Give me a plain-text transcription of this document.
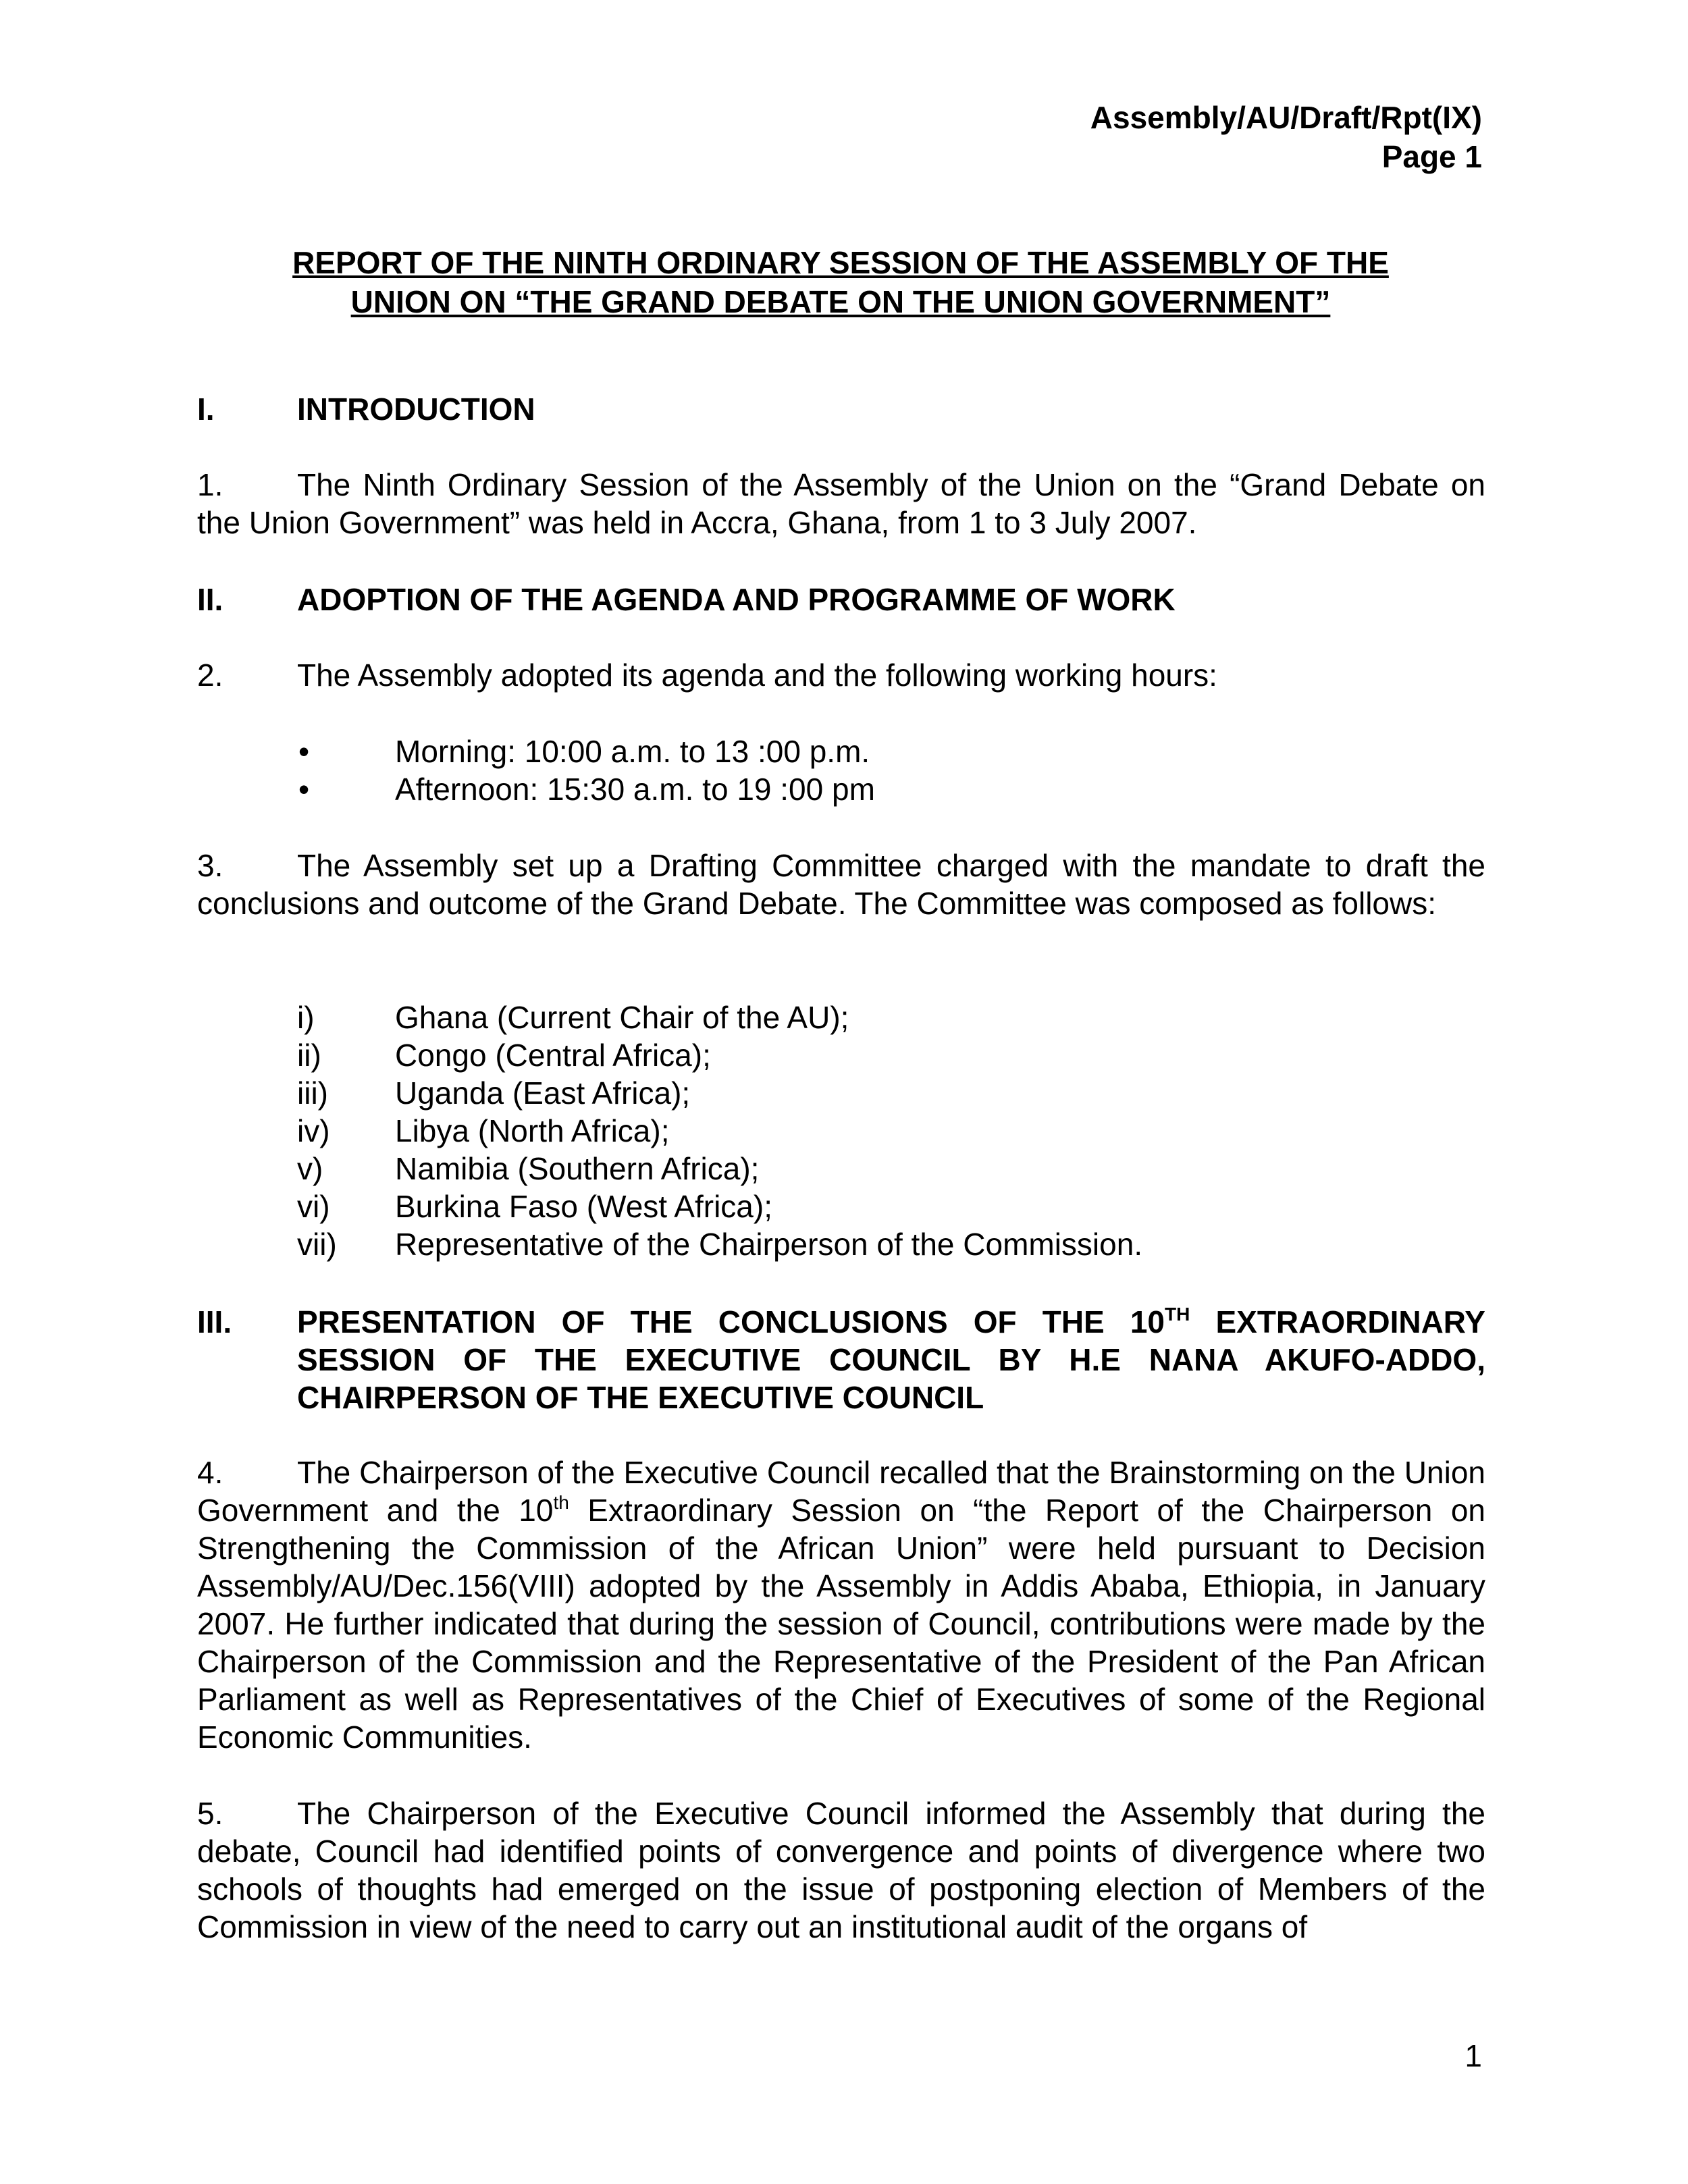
Assembly/AU/Draft/Rpt(IX)
Page 1
REPORT OF THE NINTH ORDINARY SESSION OF THE ASSEMBLY OF THE
UNION ON “THE GRAND DEBATE ON THE UNION GOVERNMENT”
I.	INTRODUCTION
1. The Ninth Ordinary Session of the Assembly of the Union on the “Grand Debate on the Union Government” was held in Accra, Ghana, from 1 to 3 July 2007.
II. ADOPTION OF THE AGENDA AND PROGRAMME OF WORK
2. The Assembly adopted its agenda and the following working hours:
•	Morning: 10:00 a.m. to 13 :00 p.m.
•	Afternoon: 15:30 a.m. to 19 :00 pm
3. The Assembly set up a Drafting Committee charged with the mandate to draft the conclusions and outcome of the Grand Debate. The Committee was composed as follows:
i)	Ghana (Current Chair of the AU);
ii) Congo (Central Africa);
iii) Uganda (East Africa);
iv) Libya (North Africa);
v) Namibia (Southern Africa);
vi) Burkina Faso (West Africa);
vii) Representative of the Chairperson of the Commission.
III. PRESENTATION OF THE CONCLUSIONS OF THE 10TH EXTRAORDINARY SESSION OF THE EXECUTIVE COUNCIL BY H.E NANA AKUFO-ADDO, CHAIRPERSON OF THE EXECUTIVE COUNCIL
4. The Chairperson of the Executive Council recalled that the Brainstorming on the Union Government and the 10th Extraordinary Session on “the Report of the Chairperson on Strengthening the Commission of the African Union” were held pursuant to Decision Assembly/AU/Dec.156(VIII) adopted by the Assembly in Addis Ababa, Ethiopia, in January 2007. He further indicated that during the session of Council, contributions were made by the Chairperson of the Commission and the Representative of the President of the Pan African Parliament as well as Representatives of the Chief of Executives of some of the Regional Economic Communities.
5. The Chairperson of the Executive Council informed the Assembly that during the debate, Council had identified points of convergence and points of divergence where two schools of thoughts had emerged on the issue of postponing election of Members of the Commission in view of the need to carry out an institutional audit of the organs of
1
